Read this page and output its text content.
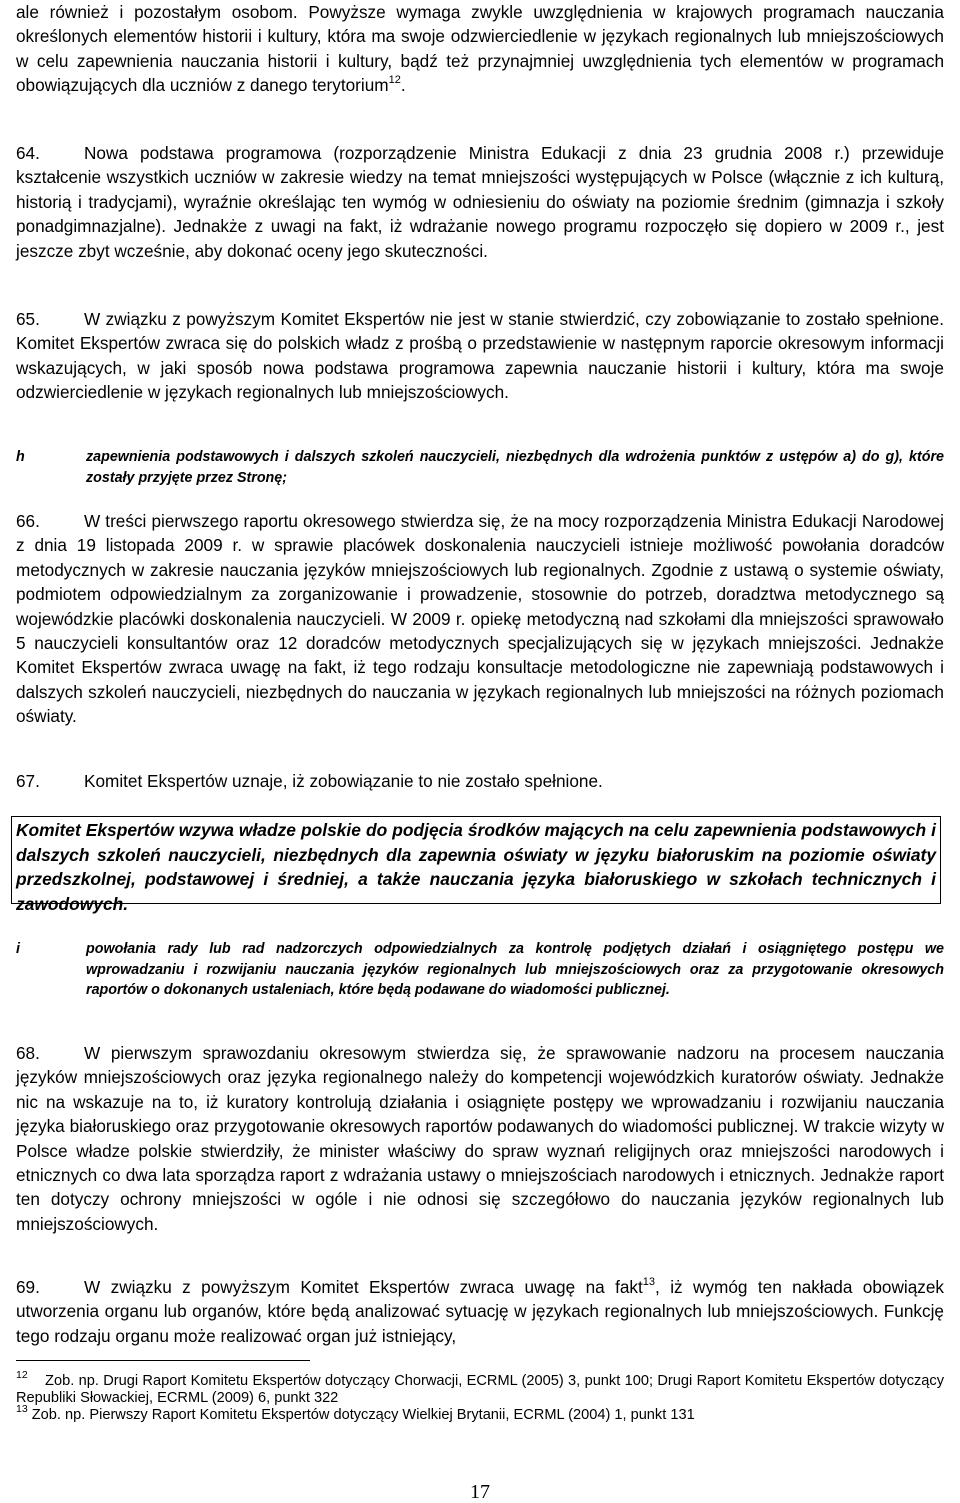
ale również i pozostałym osobom. Powyższe wymaga zwykle uwzględnienia w krajowych programach nauczania określonych elementów historii i kultury, która ma swoje odzwierciedlenie w językach regionalnych lub mniejszościowych w celu zapewnienia nauczania historii i kultury, bądź też przynajmniej uwzględnienia tych elementów w programach obowiązujących dla uczniów z danego terytorium$^{12}$.

64.	Nowa podstawa programowa (rozporządzenie Ministra Edukacji z dnia 23 grudnia 2008 r.) przewiduje kształcenie wszystkich uczniów w zakresie wiedzy na temat mniejszości występujących w Polsce (włącznie z ich kulturą, historią i tradycjami), wyraźnie określając ten wymóg w odniesieniu do oświaty na poziomie średnim (gimnazja i szkoły ponadgimnazjalne). Jednakże z uwagi na fakt, iż wdrażanie nowego programu rozpoczęło się dopiero w 2009 r., jest jeszcze zbyt wcześnie, aby dokonać oceny jego skuteczności.

65.	W związku z powyższym Komitet Ekspertów nie jest w stanie stwierdzić, czy zobowiązanie to zostało spełnione. Komitet Ekspertów zwraca się do polskich władz z prośbą o przedstawienie w następnym raporcie okresowym informacji wskazujących, w jaki sposób nowa podstawa programowa zapewnia nauczanie historii i kultury, która ma swoje odzwierciedlenie w językach regionalnych lub mniejszościowych.

h	zapewnienia podstawowych i dalszych szkoleń nauczycieli, niezbędnych dla wdrożenia punktów z ustępów a) do g), które zostały przyjęte przez Stronę;

66.	W treści pierwszego raportu okresowego stwierdza się, że na mocy rozporządzenia Ministra Edukacji Narodowej z dnia 19 listopada 2009 r. w sprawie placówek doskonalenia nauczycieli istnieje możliwość powołania doradców metodycznych w zakresie nauczania języków mniejszościowych lub regionalnych. Zgodnie z ustawą o systemie oświaty, podmiotem odpowiedzialnym za zorganizowanie i prowadzenie, stosownie do potrzeb, doradztwa metodycznego są wojewódzkie placówki doskonalenia nauczycieli. W 2009 r. opiekę metodyczną nad szkołami dla mniejszości sprawowało 5 nauczycieli konsultantów oraz 12 doradców metodycznych specjalizujących się w językach mniejszości. Jednakże Komitet Ekspertów zwraca uwagę na fakt, iż tego rodzaju konsultacje metodologiczne nie zapewniają podstawowych i dalszych szkoleń nauczycieli, niezbędnych do nauczania w językach regionalnych lub mniejszości na różnych poziomach oświaty.

67.	Komitet Ekspertów uznaje, iż zobowiązanie to nie zostało spełnione.

Komitet Ekspertów wzywa władze polskie do podjęcia środków mających na celu zapewnienia podstawowych i dalszych szkoleń nauczycieli, niezbędnych dla zapewnia oświaty w języku białoruskim na poziomie oświaty przedszkolnej, podstawowej i średniej, a także nauczania języka białoruskiego w szkołach technicznych i zawodowych.

i	powołania rady lub rad nadzorczych odpowiedzialnych za kontrolę podjętych działań i osiągniętego postępu we wprowadzaniu i rozwijaniu nauczania języków regionalnych lub mniejszościowych oraz za przygotowanie okresowych raportów o dokonanych ustaleniach, które będą podawane do wiadomości publicznej.

68.	W pierwszym sprawozdaniu okresowym stwierdza się, że sprawowanie nadzoru na procesem nauczania języków mniejszościowych oraz języka regionalnego należy do kompetencji wojewódzkich kuratorów oświaty. Jednakże nic na wskazuje na to, iż kuratory kontrolują działania i osiągnięte postępy we wprowadzaniu i rozwijaniu nauczania języka białoruskiego oraz przygotowanie okresowych raportów podawanych do wiadomości publicznej. W trakcie wizyty w Polsce władze polskie stwierdziły, że minister właściwy do spraw wyznań religijnych oraz mniejszości narodowych i etnicznych co dwa lata sporządza raport z wdrażania ustawy o mniejszościach narodowych i etnicznych. Jednakże raport ten dotyczy ochrony mniejszości w ogóle i nie odnosi się szczegółowo do nauczania języków regionalnych lub mniejszościowych.

69.	W związku z powyższym Komitet Ekspertów zwraca uwagę na fakt$^{13}$, iż wymóg ten nakłada obowiązek utworzenia organu lub organów, które będą analizować sytuację w językach regionalnych lub mniejszościowych. Funkcję tego rodzaju organu może realizować organ już istniejący,

$^{12}$ Zob. np. Drugi Raport Komitetu Ekspertów dotyczący Chorwacji, ECRML (2005) 3, punkt 100; Drugi Raport Komitetu Ekspertów dotyczący Republiki Słowackiej, ECRML (2009) 6, punkt 322

$^{13}$ Zob. np. Pierwszy Raport Komitetu Ekspertów dotyczący Wielkiej Brytanii, ECRML (2004) 1, punkt 131

17
